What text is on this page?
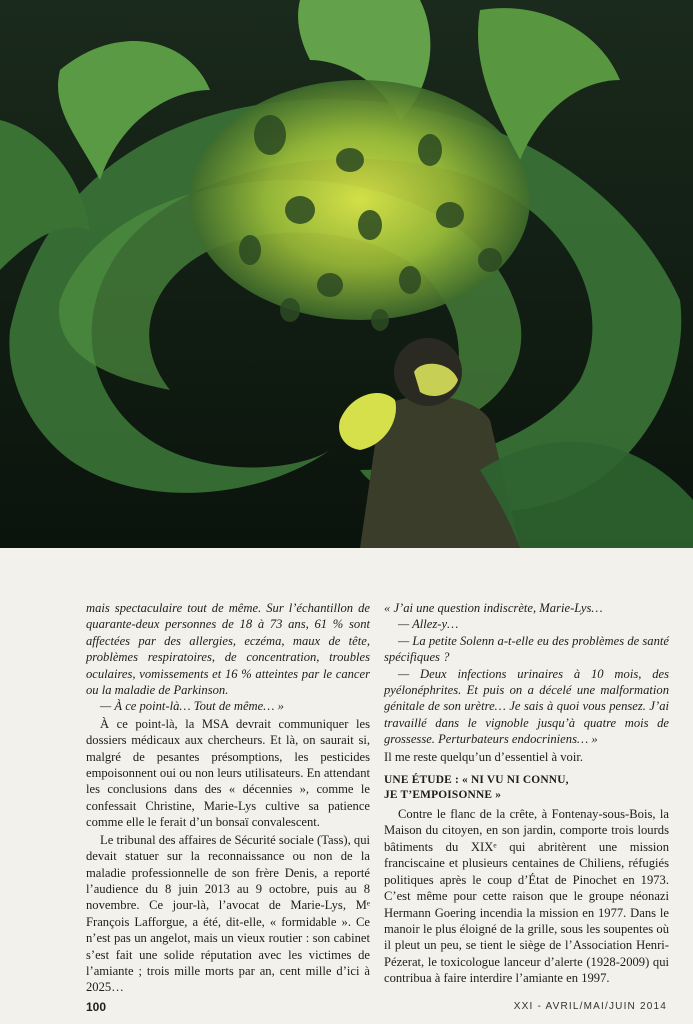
mais spectaculaire tout de même. Sur l’échantillon de quarante-deux personnes de 18 à 73 ans, 61 % sont affectées par des allergies, eczéma, maux de tête, problèmes respiratoires, de concentration, troubles oculaires, vomissements et 16 % atteintes par le cancer ou la maladie de Parkinson.

— À ce point-là… Tout de même… »

À ce point-là, la MSA devrait communiquer les dossiers médicaux aux chercheurs. Et là, on saurait si, malgré de pesantes présomptions, les pesticides empoisonnent oui ou non leurs utilisateurs. En attendant les conclusions dans des « décennies », comme le confessait Christine, Marie-Lys cultive sa patience comme elle le ferait d’un bonsaï convalescent.

Le tribunal des affaires de Sécurité sociale (Tass), qui devait statuer sur la reconnaissance ou non de la maladie professionnelle de son frère Denis, a reporté l’audience du 8 juin 2013 au 9 octobre, puis au 8 novembre. Ce jour-là, l’avocat de Marie-Lys, Mᵉ François Lafforgue, a été, dit-elle, « formidable ». Ce n’est pas un angelot, mais un vieux routier : son cabinet s’est fait une solide réputation avec les victimes de l’amiante ; trois mille morts par an, cent mille d’ici à 2025…

« J’ai une question indiscrète, Marie-Lys…

— Allez-y…

— La petite Solenn a-t-elle eu des problèmes de santé spécifiques ?

— Deux infections urinaires à 10 mois, des pyélonéphrites. Et puis on a décelé une malformation génitale de son urètre… Je sais à quoi vous pensez. J’ai travaillé dans le vignoble jusqu’à quatre mois de grossesse. Perturbateurs endocriniens… »

Il me reste quelqu’un d’essentiel à voir.

UNE ÉTUDE : « NI VU NI CONNU,
JE T’EMPOISONNE »

Contre le flanc de la crête, à Fontenay-sous-Bois, la Maison du citoyen, en son jardin, comporte trois lourds bâtiments du XIXᵉ qui abritèrent une mission franciscaine et plusieurs centaines de Chiliens, réfugiés politiques après le coup d’État de Pinochet en 1973. C’est même pour cette raison que le groupe néonazi Hermann Goering incendia la mission en 1977. Dans le manoir le plus éloigné de la grille, sous les soupentes où il pleut un peu, se tient le siège de l’Association Henri-Pézerat, le toxicologue lanceur d’alerte (1928-2009) qui contribua à faire interdire l’amiante en 1997.

100	XXI - AVRIL/MAI/JUIN 2014
